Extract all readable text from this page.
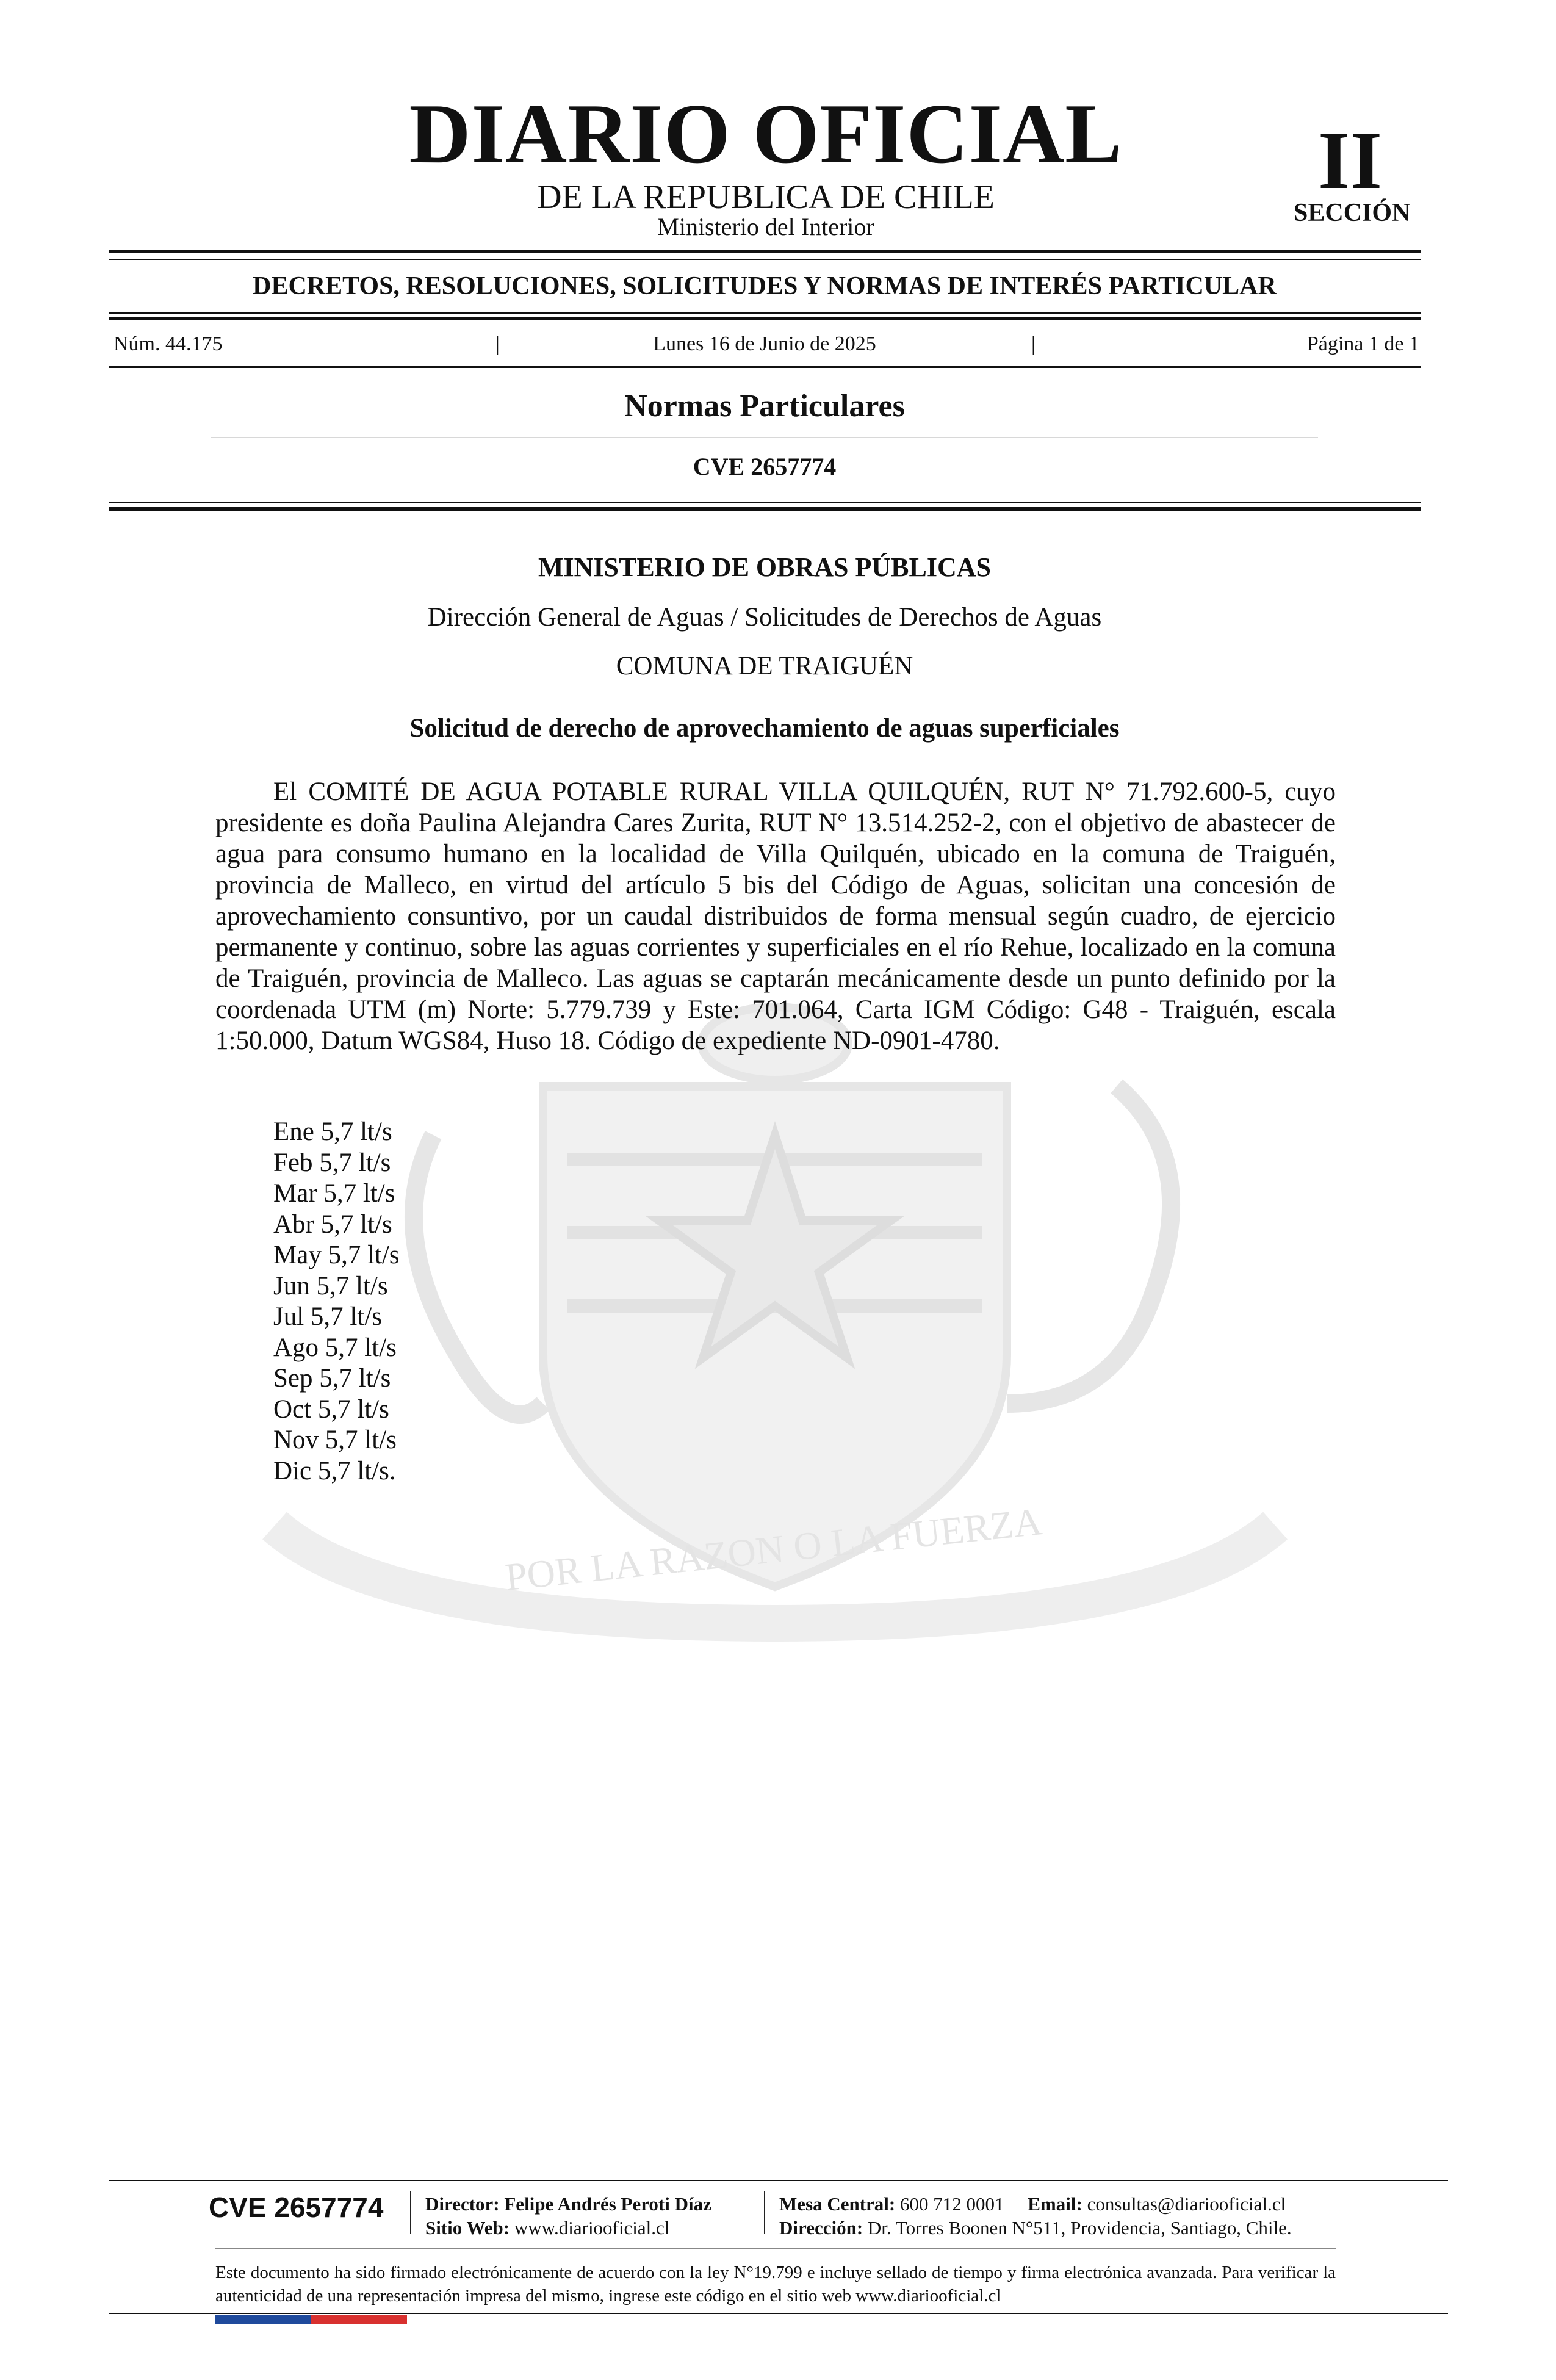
POR LA RAZON O LA FUERZA
DIARIO OFICIAL
DE LA REPUBLICA DE CHILE
Ministerio del Interior
II
SECCIÓN
DECRETOS, RESOLUCIONES, SOLICITUDES Y NORMAS DE INTERÉS PARTICULAR
Núm. 44.175	|	Lunes 16 de Junio de 2025	|	Página 1 de 1
Normas Particulares
CVE 2657774
MINISTERIO DE OBRAS PÚBLICAS
Dirección General de Aguas / Solicitudes de Derechos de Aguas
COMUNA DE TRAIGUÉN
Solicitud de derecho de aprovechamiento de aguas superficiales

El COMITÉ DE AGUA POTABLE RURAL VILLA QUILQUÉN, RUT N° 71.792.600-5, cuyo presidente es doña Paulina Alejandra Cares Zurita, RUT N° 13.514.252-2, con el objetivo de abastecer de agua para consumo humano en la localidad de Villa Quilquén, ubicado en la comuna de Traiguén, provincia de Malleco, en virtud del artículo 5 bis del Código de Aguas, solicitan una concesión de aprovechamiento consuntivo, por un caudal distribuidos de forma mensual según cuadro, de ejercicio permanente y continuo, sobre las aguas corrientes y superficiales en el río Rehue, localizado en la comuna de Traiguén, provincia de Malleco. Las aguas se captarán mecánicamente desde un punto definido por la coordenada UTM (m) Norte: 5.779.739 y Este: 701.064, Carta IGM Código: G48 - Traiguén, escala 1:50.000, Datum WGS84, Huso 18. Código de expediente ND-0901-4780.

Ene 5,7 lt/s
Feb 5,7 lt/s
Mar 5,7 lt/s
Abr 5,7 lt/s
May 5,7 lt/s
Jun 5,7 lt/s
Jul 5,7 lt/s
Ago 5,7 lt/s
Sep 5,7 lt/s
Oct 5,7 lt/s
Nov 5,7 lt/s
Dic 5,7 lt/s.
CVE 2657774 Director: Felipe Andrés Peroti Díaz
Sitio Web: www.diariooficial.cl
Mesa Central: 600 712 0001 Email: consultas@diariooficial.cl
Dirección: Dr. Torres Boonen N°511, Providencia, Santiago, Chile.

Este documento ha sido firmado electrónicamente de acuerdo con la ley N°19.799 e incluye sellado de tiempo y firma electrónica avanzada. Para verificar la autenticidad de una representación impresa del mismo, ingrese este código en el sitio web www.diariooficial.cl
